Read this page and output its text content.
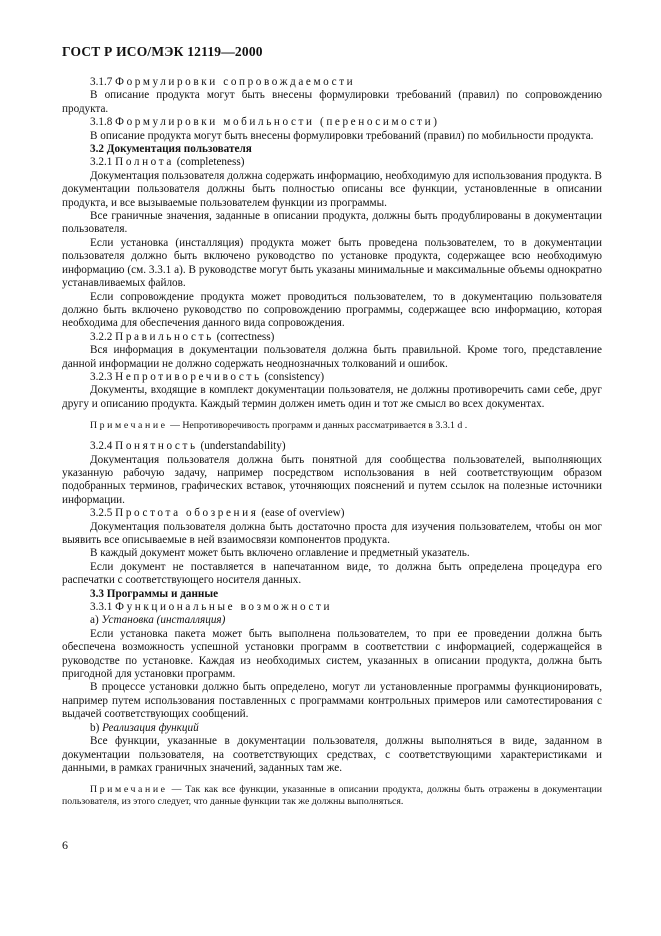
ГОСТ Р ИСО/МЭК 12119—2000

3.1.7 Формулировки сопровождаемости

В описание продукта могут быть внесены формулировки требований (правил) по сопровождению продукта.

3.1.8 Формулировки мобильности (переносимости)

В описание продукта могут быть внесены формулировки требований (правил) по мобильности продукта.

3.2 Документация пользователя

3.2.1 Полнота (completeness)

Документация пользователя должна содержать информацию, необходимую для использования продукта. В документации пользователя должны быть полностью описаны все функции, установленные в описании продукта, и все вызываемые пользователем функции из программы.

Все граничные значения, заданные в описании продукта, должны быть продублированы в документации пользователя.

Если установка (инсталляция) продукта может быть проведена пользователем, то в документации пользователя должно быть включено руководство по установке продукта, содержащее всю необходимую информацию (см. 3.3.1 а). В руководстве могут быть указаны минимальные и максимальные объемы однократно устанавливаемых файлов.

Если сопровождение продукта может проводиться пользователем, то в документацию пользователя должно быть включено руководство по сопровождению программы, содержащее всю информацию, которая необходима для обеспечения данного вида сопровождения.

3.2.2 Правильность (correctness)

Вся информация в документации пользователя должна быть правильной. Кроме того, представление данной информации не должно содержать неоднозначных толкований и ошибок.

3.2.3 Непротиворечивость (consistency)

Документы, входящие в комплект документации пользователя, не должны противоречить сами себе, друг другу и описанию продукта. Каждый термин должен иметь один и тот же смысл во всех документах.

Примечание — Непротиворечивость программ и данных рассматривается в 3.3.1 d .

3.2.4 Понятность (understandability)

Документация пользователя должна быть понятной для сообщества пользователей, выполняющих указанную рабочую задачу, например посредством использования в ней соответствующим образом подобранных терминов, графических вставок, уточняющих пояснений и путем ссылок на полезные источники информации.

3.2.5 Простота обозрения (ease of overview)

Документация пользователя должна быть достаточно проста для изучения пользователем, чтобы он мог выявить все описываемые в ней взаимосвязи компонентов продукта.

В каждый документ может быть включено оглавление и предметный указатель.

Если документ не поставляется в напечатанном виде, то должна быть определена процедура его распечатки с соответствующего носителя данных.

3.3 Программы и данные

3.3.1 Функциональные возможности

а) Установка (инсталляция)

Если установка пакета может быть выполнена пользователем, то при ее проведении должна быть обеспечена возможность успешной установки программ в соответствии с информацией, содержащейся в руководстве по установке. Каждая из необходимых систем, указанных в описании продукта, должна быть пригодной для установки программ.

В процессе установки должно быть определено, могут ли установленные программы функционировать, например путем использования поставленных с программами контрольных примеров или самотестирования с выдачей соответствующих сообщений.

b) Реализация функций

Все функции, указанные в документации пользователя, должны выполняться в виде, заданном в документации пользователя, на соответствующих средствах, с соответствующими характеристиками и данными, в рамках граничных значений, заданных там же.

Примечание — Так как все функции, указанные в описании продукта, должны быть отражены в документации пользователя, из этого следует, что данные функции так же должны выполняться.

6
